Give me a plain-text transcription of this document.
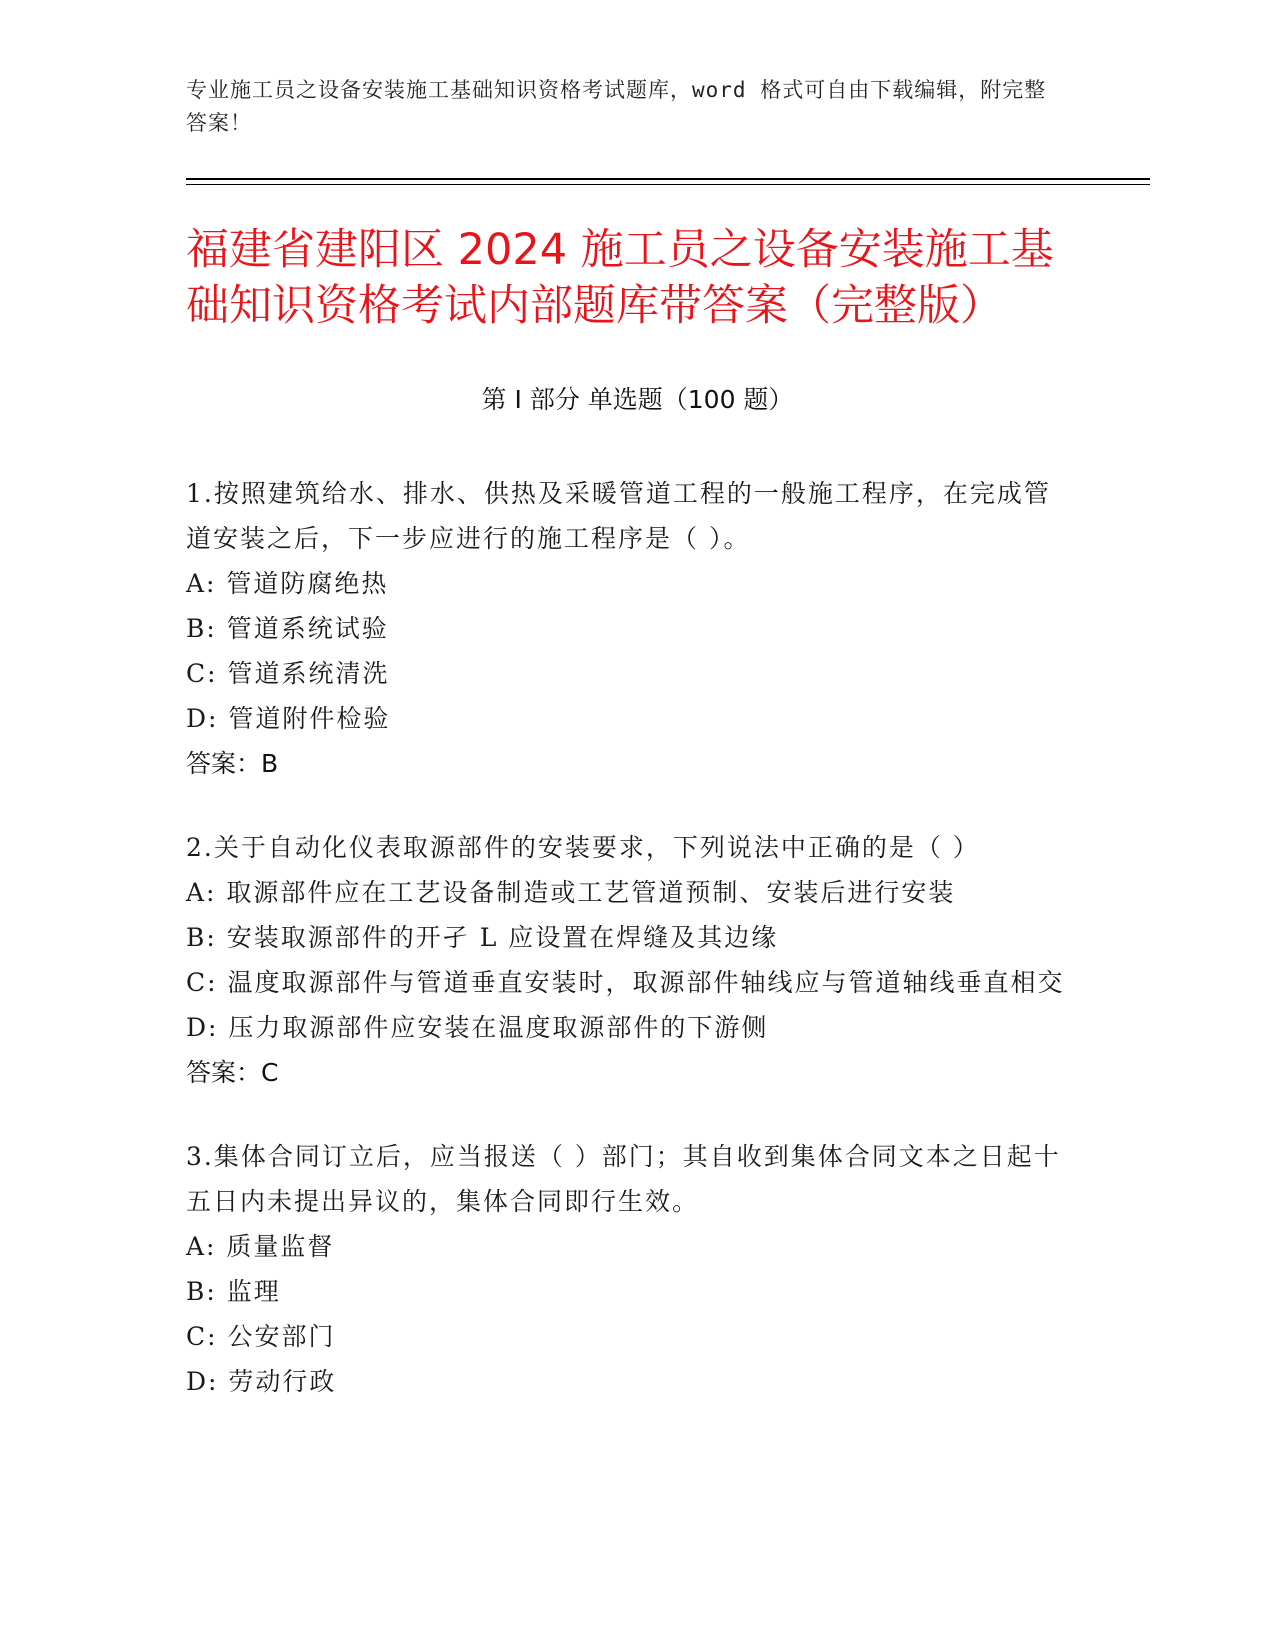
专业施工员之设备安装施工基础知识资格考试题库，word 格式可自由下载编辑，附完整答案！
福建省建阳区 2024 施工员之设备安装施工基础知识资格考试内部题库带答案（完整版）
第 I 部分 单选题（100 题）
1.按照建筑给水、排水、供热及采暖管道工程的一般施工程序，在完成管道安装之后，下一步应进行的施工程序是（ ）。
A: 管道防腐绝热
B: 管道系统试验
C: 管道系统清洗
D: 管道附件检验
答案：B
2.关于自动化仪表取源部件的安装要求，下列说法中正确的是（ ）
A: 取源部件应在工艺设备制造或工艺管道预制、安装后进行安装
B: 安装取源部件的开孑 L 应设置在焊缝及其边缘
C: 温度取源部件与管道垂直安装时，取源部件轴线应与管道轴线垂直相交
D: 压力取源部件应安装在温度取源部件的下游侧
答案：C
3.集体合同订立后，应当报送（ ）部门；其自收到集体合同文本之日起十五日内未提出异议的，集体合同即行生效。
A: 质量监督
B: 监理
C: 公安部门
D: 劳动行政
